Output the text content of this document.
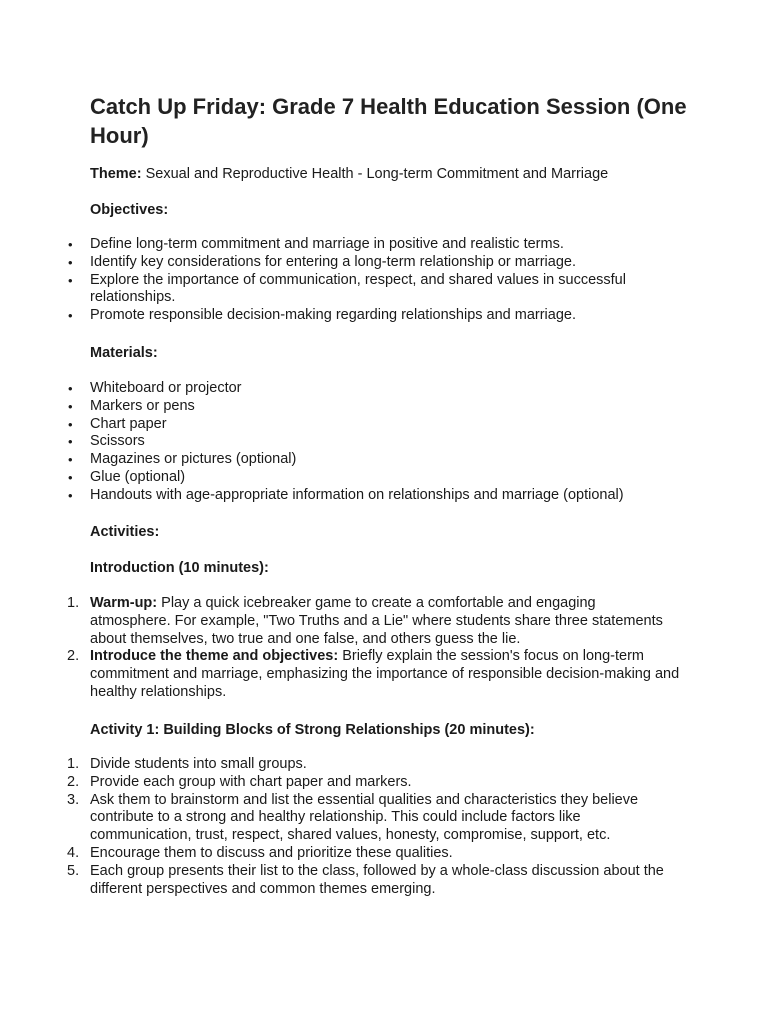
Catch Up Friday: Grade 7 Health Education Session (One Hour)

Theme: Sexual and Reproductive Health - Long-term Commitment and Marriage

Objectives:

• Define long-term commitment and marriage in positive and realistic terms.
• Identify key considerations for entering a long-term relationship or marriage.
• Explore the importance of communication, respect, and shared values in successful relationships.
• Promote responsible decision-making regarding relationships and marriage.

Materials:

• Whiteboard or projector
• Markers or pens
• Chart paper
• Scissors
• Magazines or pictures (optional)
• Glue (optional)
• Handouts with age-appropriate information on relationships and marriage (optional)

Activities:

Introduction (10 minutes):

1. Warm-up: Play a quick icebreaker game to create a comfortable and engaging atmosphere. For example, "Two Truths and a Lie" where students share three statements about themselves, two true and one false, and others guess the lie.
2. Introduce the theme and objectives: Briefly explain the session's focus on long-term commitment and marriage, emphasizing the importance of responsible decision-making and healthy relationships.

Activity 1: Building Blocks of Strong Relationships (20 minutes):

1. Divide students into small groups.
2. Provide each group with chart paper and markers.
3. Ask them to brainstorm and list the essential qualities and characteristics they believe contribute to a strong and healthy relationship. This could include factors like communication, trust, respect, shared values, honesty, compromise, support, etc.
4. Encourage them to discuss and prioritize these qualities.
5. Each group presents their list to the class, followed by a whole-class discussion about the different perspectives and common themes emerging.
